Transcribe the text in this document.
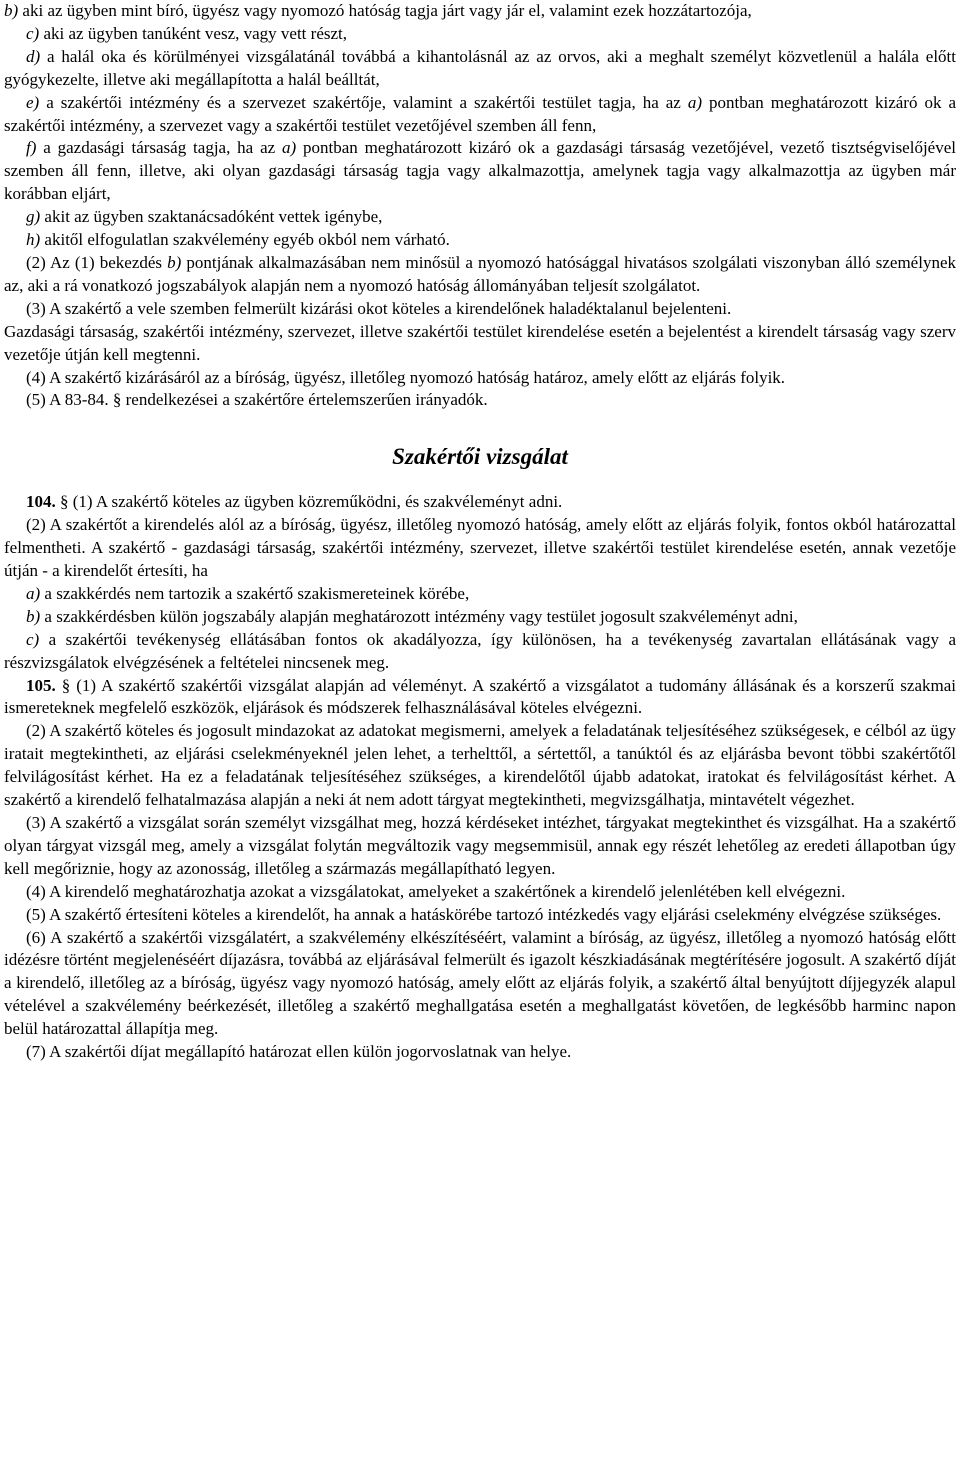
b) aki az ügyben mint bíró, ügyész vagy nyomozó hatóság tagja járt vagy jár el, valamint ezek hozzátartozója,

c) aki az ügyben tanúként vesz, vagy vett részt,

d) a halál oka és körülményei vizsgálatánál továbbá a kihantolásnál az az orvos, aki a meghalt személyt közvetlenül a halála előtt gyógykezelte, illetve aki megállapította a halál beálltát,

e) a szakértői intézmény és a szervezet szakértője, valamint a szakértői testület tagja, ha az a) pontban meghatározott kizáró ok a szakértői intézmény, a szervezet vagy a szakértői testület vezetőjével szemben áll fenn,

f) a gazdasági társaság tagja, ha az a) pontban meghatározott kizáró ok a gazdasági társaság vezetőjével, vezető tisztségviselőjével szemben áll fenn, illetve, aki olyan gazdasági társaság tagja vagy alkalmazottja, amelynek tagja vagy alkalmazottja az ügyben már korábban eljárt,

g) akit az ügyben szaktanácsadóként vettek igénybe,

h) akitől elfogulatlan szakvélemény egyéb okból nem várható.

(2) Az (1) bekezdés b) pontjának alkalmazásában nem minősül a nyomozó hatósággal hivatásos szolgálati viszonyban álló személynek az, aki a rá vonatkozó jogszabályok alapján nem a nyomozó hatóság állományában teljesít szolgálatot.

(3) A szakértő a vele szemben felmerült kizárási okot köteles a kirendelőnek haladéktalanul bejelenteni.

Gazdasági társaság, szakértői intézmény, szervezet, illetve szakértői testület kirendelése esetén a bejelentést a kirendelt társaság vagy szerv vezetője útján kell megtenni.

(4) A szakértő kizárásáról az a bíróság, ügyész, illetőleg nyomozó hatóság határoz, amely előtt az eljárás folyik.

(5) A 83-84. § rendelkezései a szakértőre értelemszerűen irányadók.

Szakértői vizsgálat

104. § (1) A szakértő köteles az ügyben közreműködni, és szakvéleményt adni.

(2) A szakértőt a kirendelés alól az a bíróság, ügyész, illetőleg nyomozó hatóság, amely előtt az eljárás folyik, fontos okból határozattal felmentheti. A szakértő - gazdasági társaság, szakértői intézmény, szervezet, illetve szakértői testület kirendelése esetén, annak vezetője útján - a kirendelőt értesíti, ha

a) a szakkérdés nem tartozik a szakértő szakismereteinek körébe,

b) a szakkérdésben külön jogszabály alapján meghatározott intézmény vagy testület jogosult szakvéleményt adni,

c) a szakértői tevékenység ellátásában fontos ok akadályozza, így különösen, ha a tevékenység zavartalan ellátásának vagy a részvizsgálatok elvégzésének a feltételei nincsenek meg.

105. § (1) A szakértő szakértői vizsgálat alapján ad véleményt. A szakértő a vizsgálatot a tudomány állásának és a korszerű szakmai ismereteknek megfelelő eszközök, eljárások és módszerek felhasználásával köteles elvégezni.

(2) A szakértő köteles és jogosult mindazokat az adatokat megismerni, amelyek a feladatának teljesítéséhez szükségesek, e célból az ügy iratait megtekintheti, az eljárási cselekményeknél jelen lehet, a terhelttől, a sértettől, a tanúktól és az eljárásba bevont többi szakértőtől felvilágosítást kérhet. Ha ez a feladatának teljesítéséhez szükséges, a kirendelőtől újabb adatokat, iratokat és felvilágosítást kérhet. A szakértő a kirendelő felhatalmazása alapján a neki át nem adott tárgyat megtekintheti, megvizsgálhatja, mintavételt végezhet.

(3) A szakértő a vizsgálat során személyt vizsgálhat meg, hozzá kérdéseket intézhet, tárgyakat megtekinthet és vizsgálhat. Ha a szakértő olyan tárgyat vizsgál meg, amely a vizsgálat folytán megváltozik vagy megsemmisül, annak egy részét lehetőleg az eredeti állapotban úgy kell megőriznie, hogy az azonosság, illetőleg a származás megállapítható legyen.

(4) A kirendelő meghatározhatja azokat a vizsgálatokat, amelyeket a szakértőnek a kirendelő jelenlétében kell elvégezni.

(5) A szakértő értesíteni köteles a kirendelőt, ha annak a hatáskörébe tartozó intézkedés vagy eljárási cselekmény elvégzése szükséges.

(6) A szakértő a szakértői vizsgálatért, a szakvélemény elkészítéséért, valamint a bíróság, az ügyész, illetőleg a nyomozó hatóság előtt idézésre történt megjelenéséért díjazásra, továbbá az eljárásával felmerült és igazolt készkiadásának megtérítésére jogosult. A szakértő díját a kirendelő, illetőleg az a bíróság, ügyész vagy nyomozó hatóság, amely előtt az eljárás folyik, a szakértő által benyújtott díjjegyzék alapul vételével a szakvélemény beérkezését, illetőleg a szakértő meghallgatása esetén a meghallgatást követően, de legkésőbb harminc napon belül határozattal állapítja meg.

(7) A szakértői díjat megállapító határozat ellen külön jogorvoslatnak van helye.
